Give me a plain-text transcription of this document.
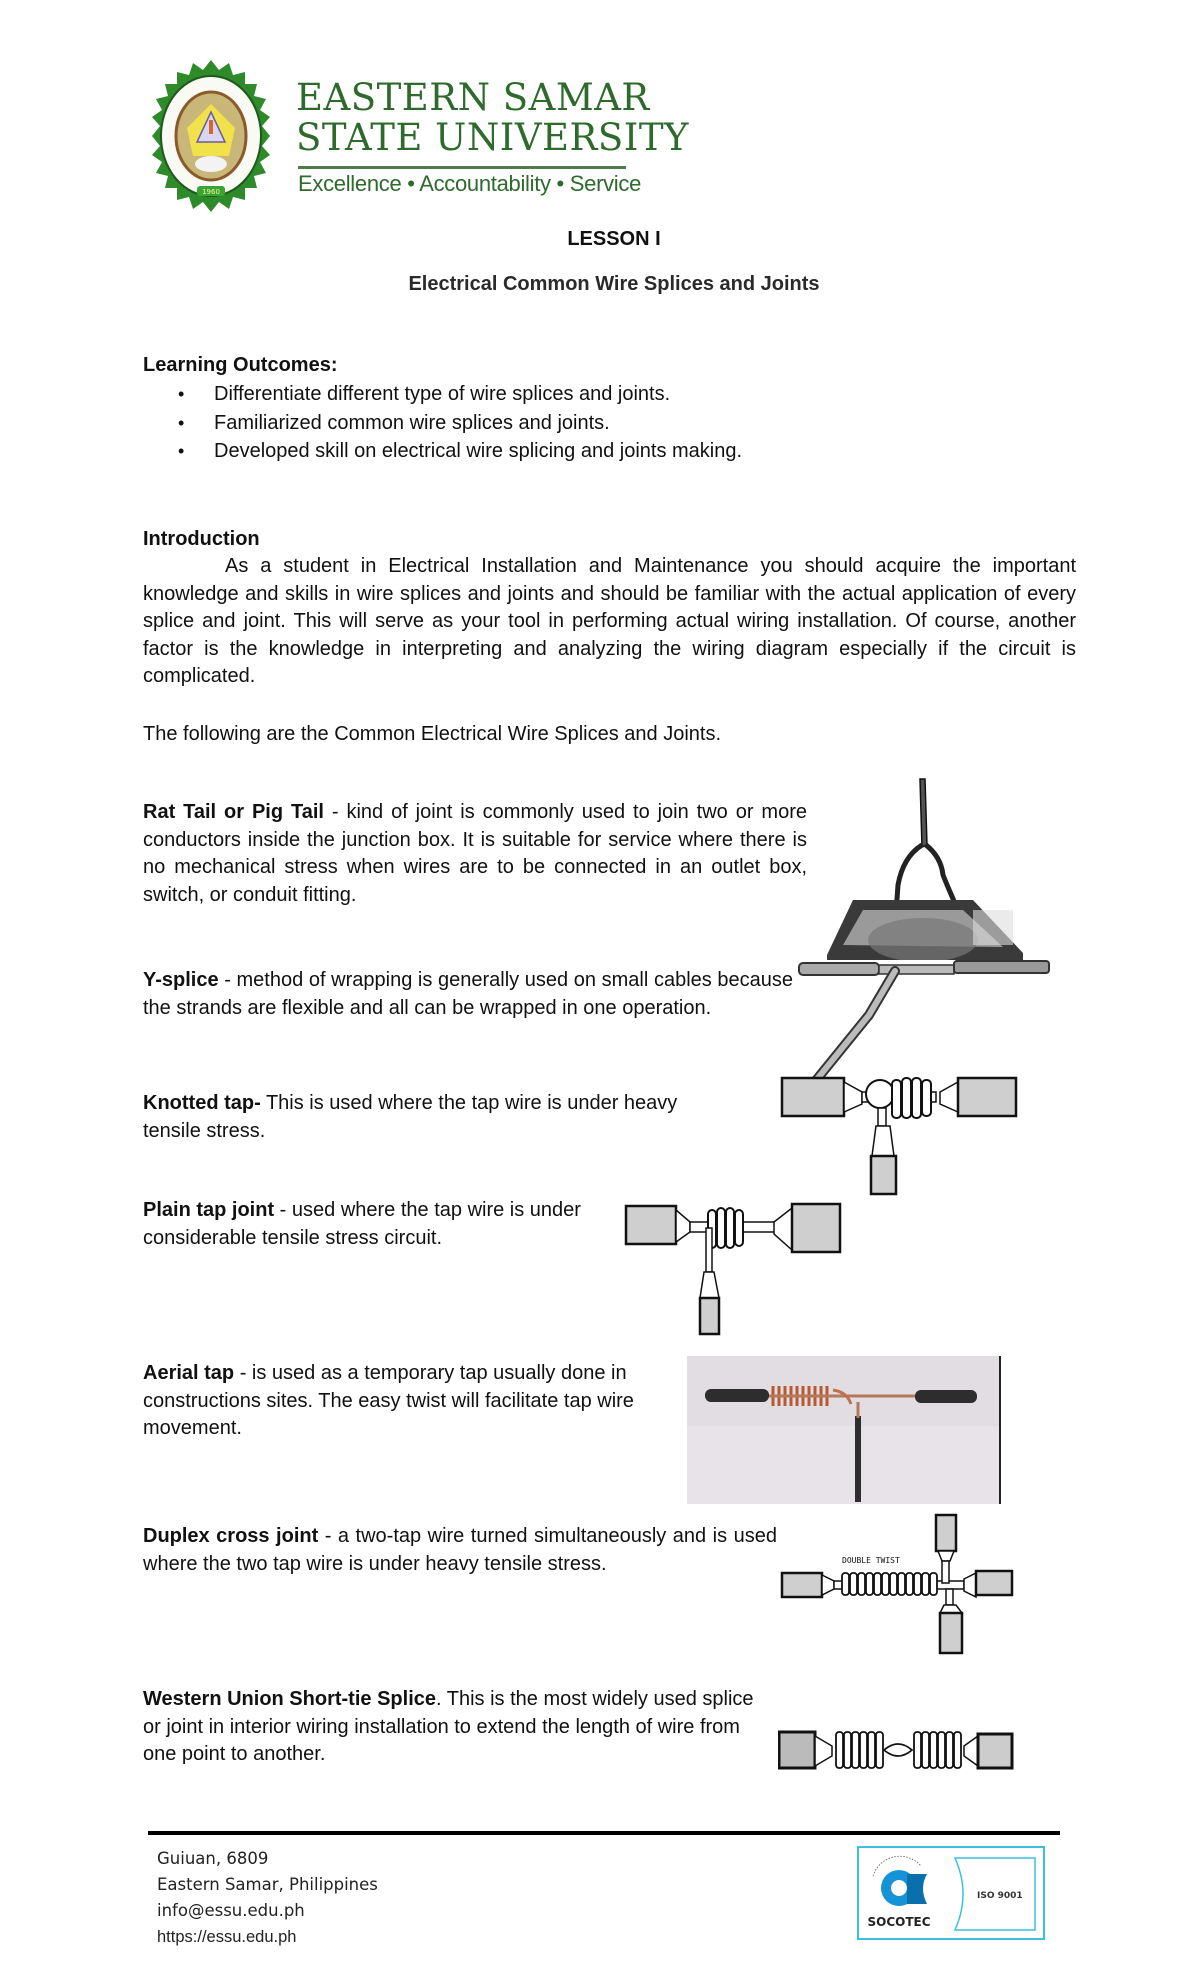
1960
EASTERN SAMAR
STATE UNIVERSITY
Excellence • Accountability • Service
LESSON I
Electrical Common Wire Splices and Joints
Learning Outcomes:
• Differentiate different type of wire splices and joints.
• Familiarized common wire splices and joints.
• Developed skill on electrical wire splicing and joints making.
Introduction
As a student in Electrical Installation and Maintenance you should acquire the important knowledge and skills in wire splices and joints and should be familiar with the actual application of every splice and joint. This will serve as your tool in performing actual wiring installation. Of course, another factor is the knowledge in interpreting and analyzing the wiring diagram especially if the circuit is complicated.
The following are the Common Electrical Wire Splices and Joints.
Rat Tail or Pig Tail - kind of joint is commonly used to join two or more conductors inside the junction box. It is suitable for service where there is no mechanical stress when wires are to be connected in an outlet box, switch, or conduit fitting.
Y-splice - method of wrapping is generally used on small cables because the strands are flexible and all can be wrapped in one operation.
Knotted tap- This is used where the tap wire is under heavy tensile stress.
Plain tap joint - used where the tap wire is under considerable tensile stress circuit.
Aerial tap - is used as a temporary tap usually done in constructions sites. The easy twist will facilitate tap wire movement.
Duplex cross joint - a two-tap wire turned simultaneously and is used where the two tap wire is under heavy tensile stress.
Western Union Short-tie Splice. This is the most widely used splice or joint in interior wiring installation to extend the length of wire from one point to another.
DOUBLE TWIST
Guiuan, 6809
Eastern Samar, Philippines
info@essu.edu.ph
https://essu.edu.ph
SOCOTEC
ISO 9001
